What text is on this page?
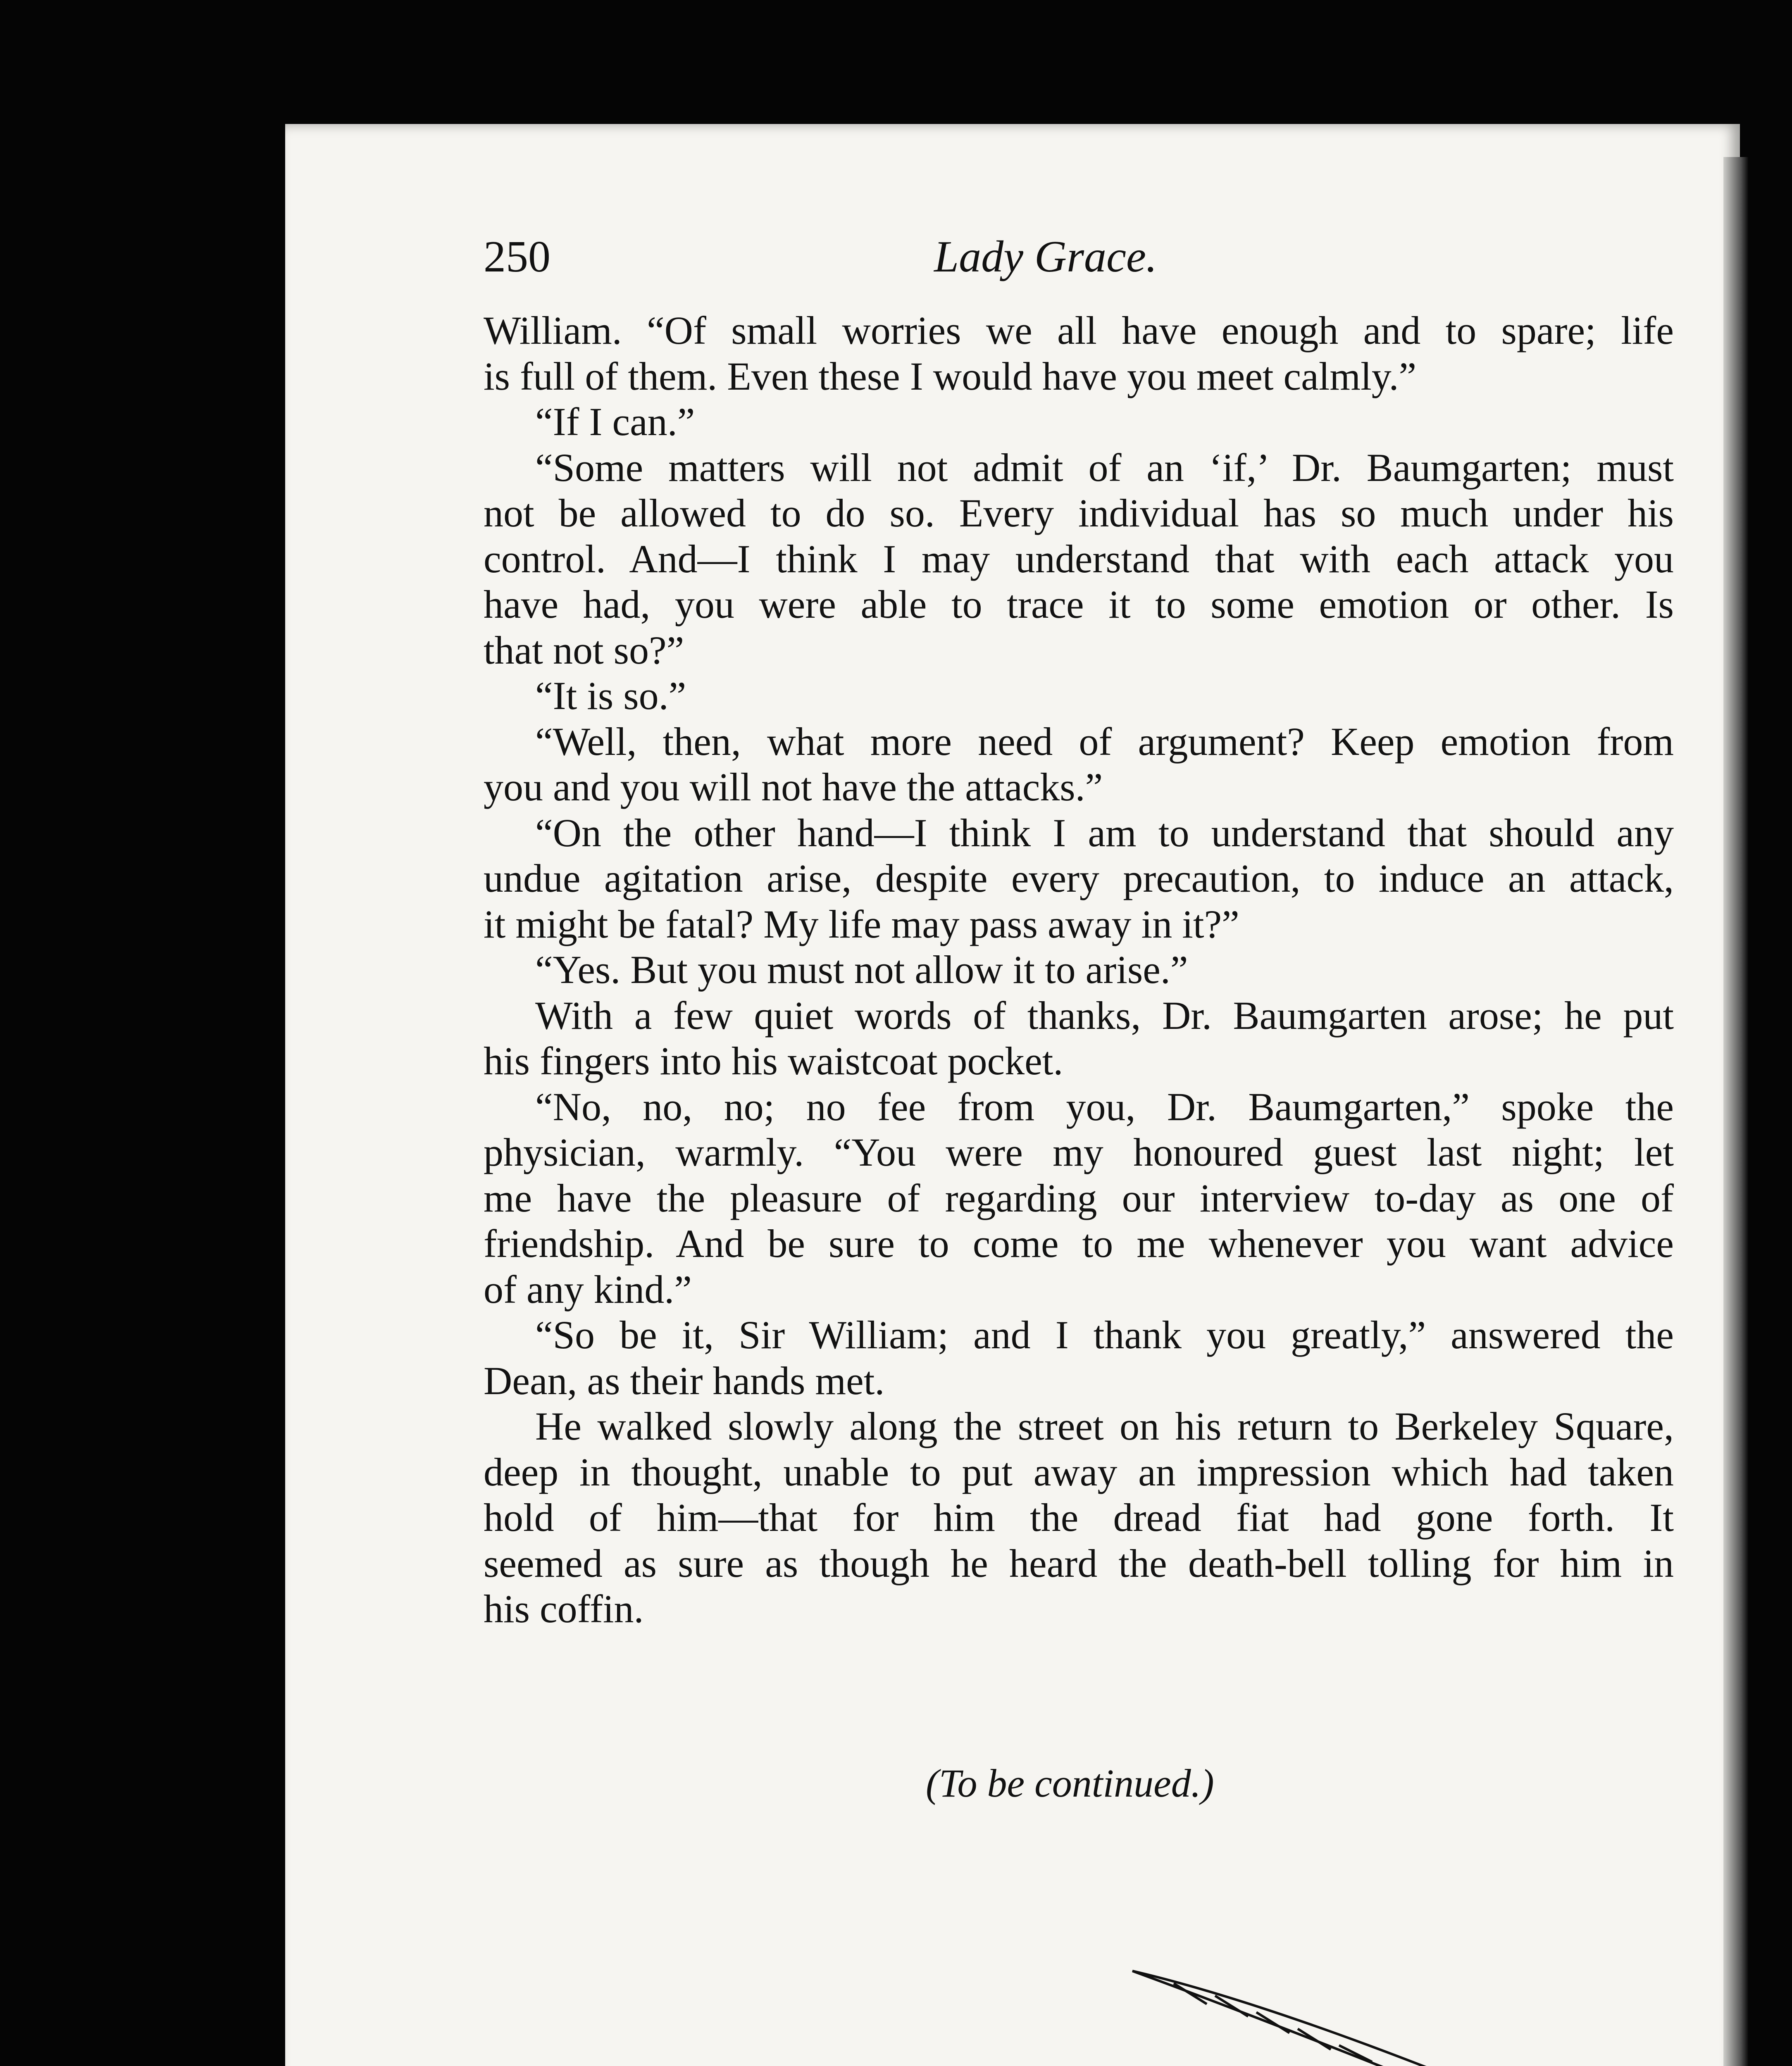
250	Lady Grace.
William. “Of small worries we all have enough and to spare; life
is full of them. Even these I would have you meet calmly.”
“If I can.”
“Some matters will not admit of an ‘if,’ Dr. Baumgarten; must
not be allowed to do so. Every individual has so much under his
control. And—I think I may understand that with each attack you
have had, you were able to trace it to some emotion or other. Is
that not so?”
“It is so.”
“Well, then, what more need of argument? Keep emotion from
you and you will not have the attacks.”
“On the other hand—I think I am to understand that should any
undue agitation arise, despite every precaution, to induce an attack,
it might be fatal? My life may pass away in it?”
“Yes. But you must not allow it to arise.”
With a few quiet words of thanks, Dr. Baumgarten arose; he put
his fingers into his waistcoat pocket.
“No, no, no; no fee from you, Dr. Baumgarten,” spoke the
physician, warmly. “You were my honoured guest last night; let
me have the pleasure of regarding our interview to-day as one of
friendship. And be sure to come to me whenever you want advice
of any kind.”
“So be it, Sir William; and I thank you greatly,” answered the
Dean, as their hands met.
He walked slowly along the street on his return to Berkeley Square,
deep in thought, unable to put away an impression which had taken
hold of him—that for him the dread fiat had gone forth. It
seemed as sure as though he heard the death-bell tolling for him in
his coffin.
(To be continued.)
